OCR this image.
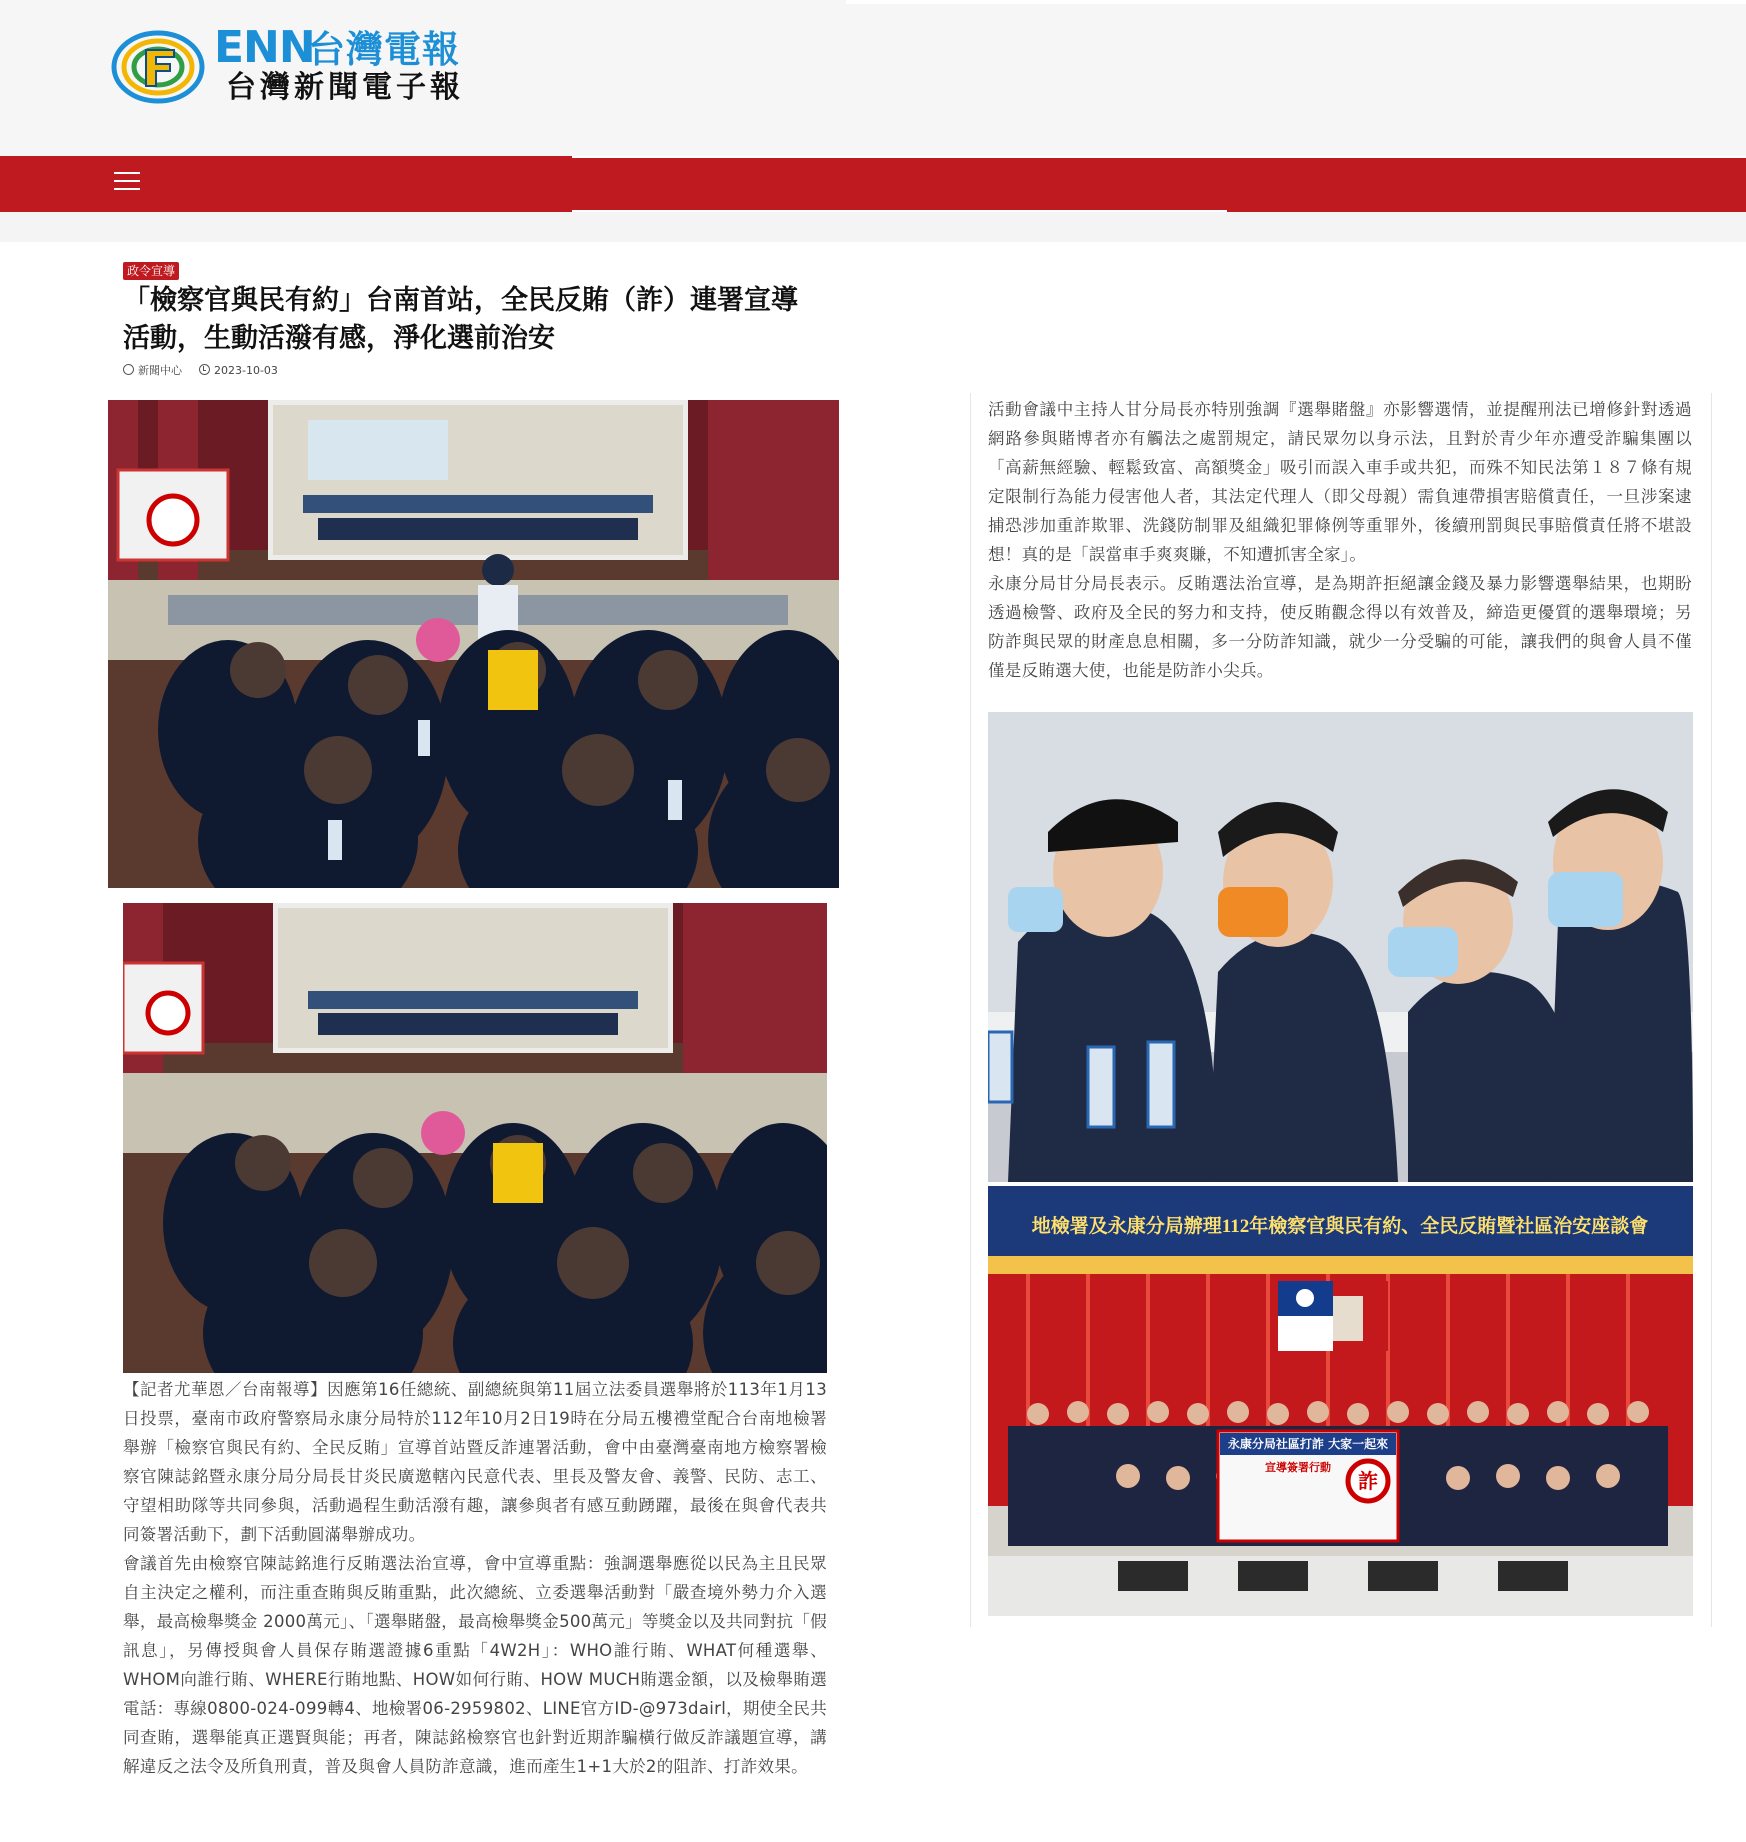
ENN
台灣電報
台灣新聞電子報
政令宣導
「檢察官與民有約」台南首站，全民反賄（詐）連署宣導活動，生動活潑有感，淨化選前治安
新聞中心	2023-10-03

【記者尤華恩／台南報導】因應第16任總統、副總統與第11屆立法委員選舉將於113年1月13日投票，臺南市政府警察局永康分局特於112年10月2日19時在分局五樓禮堂配合台南地檢署舉辦「檢察官與民有約、全民反賄」宣導首站暨反詐連署活動，會中由臺灣臺南地方檢察署檢察官陳誌銘暨永康分局分局長甘炎民廣邀轄內民意代表、里長及警友會、義警、民防、志工、守望相助隊等共同參與，活動過程生動活潑有趣，讓參與者有感互動踴躍，最後在與會代表共同簽署活動下，劃下活動圓滿舉辦成功。

會議首先由檢察官陳誌銘進行反賄選法治宣導，會中宣導重點：強調選舉應從以民為主且民眾自主決定之權利，而注重查賄與反賄重點，此次總統、立委選舉活動對「嚴查境外勢力介入選舉，最高檢舉獎金 2000萬元」、「選舉賭盤，最高檢舉獎金500萬元」等獎金以及共同對抗「假訊息」，另傳授與會人員保存賄選證據6重點「4W2H」：WHO誰行賄、WHAT何種選舉、WHOM向誰行賄、WHERE行賄地點、HOW如何行賄、HOW MUCH賄選金額，以及檢舉賄選電話：專線0800-024-099轉4、地檢署06-2959802、LINE官方ID-@973dairl，期使全民共同查賄，選舉能真正選賢與能；再者，陳誌銘檢察官也針對近期詐騙橫行做反詐議題宣導，講解違反之法令及所負刑責，普及與會人員防詐意識，進而產生1+1大於2的阻詐、打詐效果。

活動會議中主持人甘分局長亦特別強調『選舉賭盤』亦影響選情，並提醒刑法已增修針對透過網路參與賭博者亦有觸法之處罰規定，請民眾勿以身示法，且對於青少年亦遭受詐騙集團以「高薪無經驗、輕鬆致富、高額獎金」吸引而誤入車手或共犯，而殊不知民法第１８７條有規定限制行為能力侵害他人者，其法定代理人（即父母親）需負連帶損害賠償責任，一旦涉案逮捕恐涉加重詐欺罪、洗錢防制罪及組織犯罪條例等重罪外，後續刑罰與民事賠償責任將不堪設想！真的是「誤當車手爽爽賺，不知遭抓害全家」。

永康分局甘分局長表示。反賄選法治宣導，是為期許拒絕讓金錢及暴力影響選舉結果，也期盼透過檢警、政府及全民的努力和支持，使反賄觀念得以有效普及，締造更優質的選舉環境；另防詐與民眾的財產息息相關，多一分防詐知識，就少一分受騙的可能，讓我們的與會人員不僅僅是反賄選大使，也能是防詐小尖兵。

地檢署及永康分局辦理112年檢察官與民有約、全民反賄暨社區治安座談會
永康分局社區打詐 大家一起來
宣導簽署行動
詐
